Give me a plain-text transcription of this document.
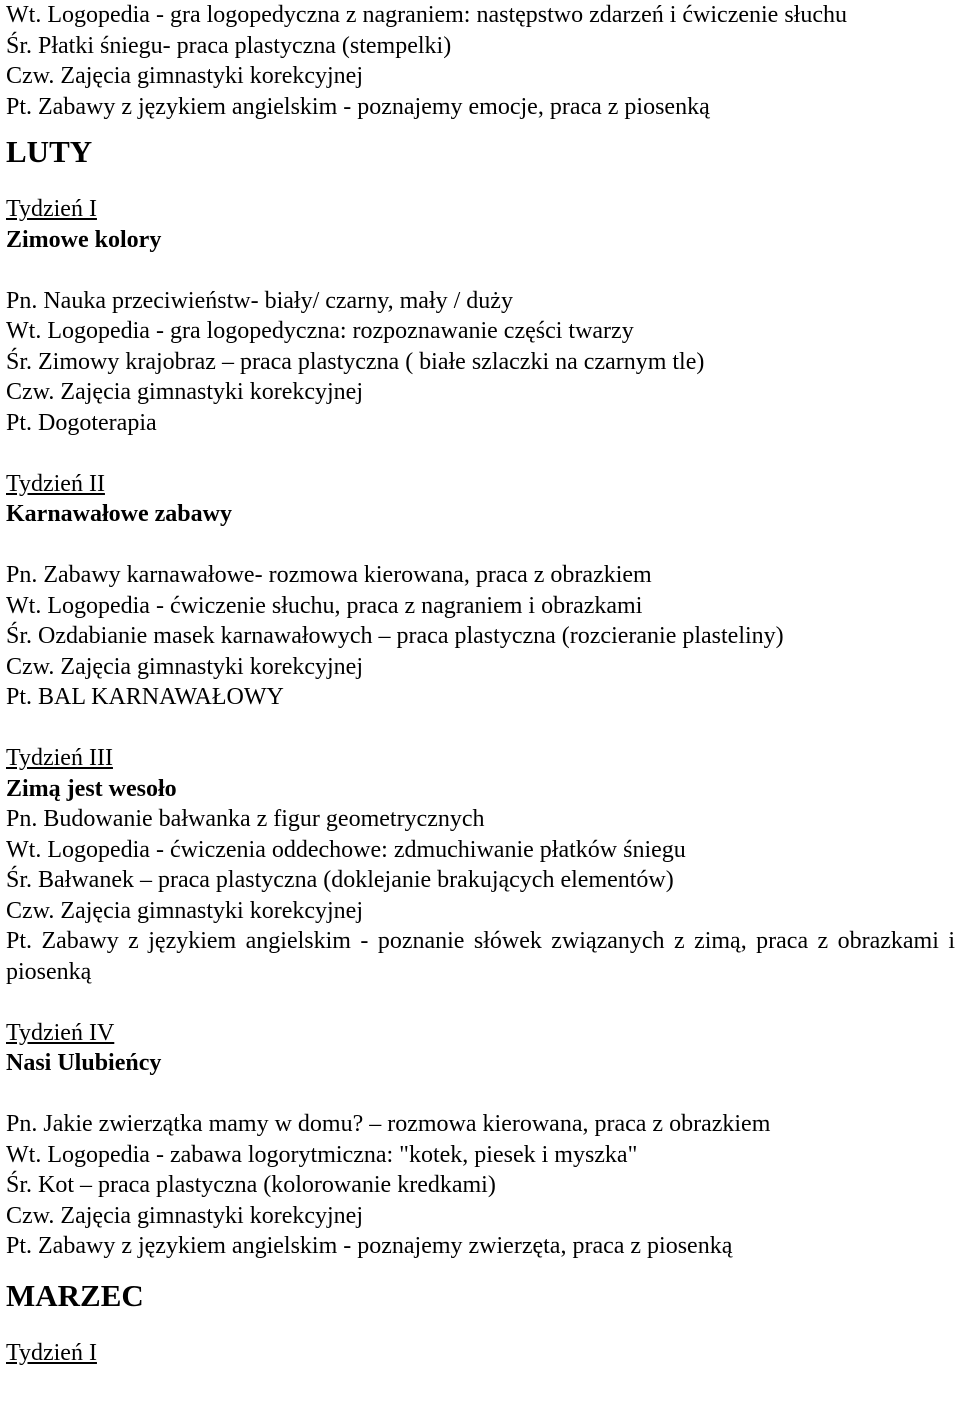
Wt. Logopedia - gra logopedyczna z nagraniem: następstwo zdarzeń i ćwiczenie słuchu

Śr. Płatki śniegu- praca plastyczna (stempelki)

Czw. Zajęcia gimnastyki korekcyjnej

Pt. Zabawy z językiem angielskim - poznajemy emocje, praca z piosenką

LUTY

Tydzień I

Zimowe kolory

Pn. Nauka przeciwieństw- biały/ czarny, mały / duży

Wt. Logopedia - gra logopedyczna: rozpoznawanie części twarzy

Śr. Zimowy krajobraz – praca plastyczna ( białe szlaczki na czarnym tle)

Czw. Zajęcia gimnastyki korekcyjnej

Pt. Dogoterapia

Tydzień II

Karnawałowe zabawy

Pn. Zabawy karnawałowe- rozmowa kierowana, praca z obrazkiem

Wt. Logopedia - ćwiczenie słuchu, praca z nagraniem i obrazkami

Śr. Ozdabianie masek karnawałowych – praca plastyczna (rozcieranie plasteliny)

Czw. Zajęcia gimnastyki korekcyjnej

Pt. BAL KARNAWAŁOWY

Tydzień III

Zimą jest wesoło

Pn. Budowanie bałwanka z figur geometrycznych

Wt. Logopedia - ćwiczenia oddechowe: zdmuchiwanie płatków śniegu

Śr. Bałwanek – praca plastyczna (doklejanie brakujących elementów)

Czw. Zajęcia gimnastyki korekcyjnej

Pt. Zabawy z językiem angielskim - poznanie słówek związanych z zimą, praca z obrazkami i piosenką

Tydzień IV

Nasi Ulubieńcy

Pn. Jakie zwierzątka mamy w domu? – rozmowa kierowana, praca z obrazkiem

Wt. Logopedia - zabawa logorytmiczna: "kotek, piesek i myszka"

Śr. Kot – praca plastyczna (kolorowanie kredkami)

Czw. Zajęcia gimnastyki korekcyjnej

Pt. Zabawy z językiem angielskim - poznajemy zwierzęta, praca z piosenką

MARZEC

Tydzień I
